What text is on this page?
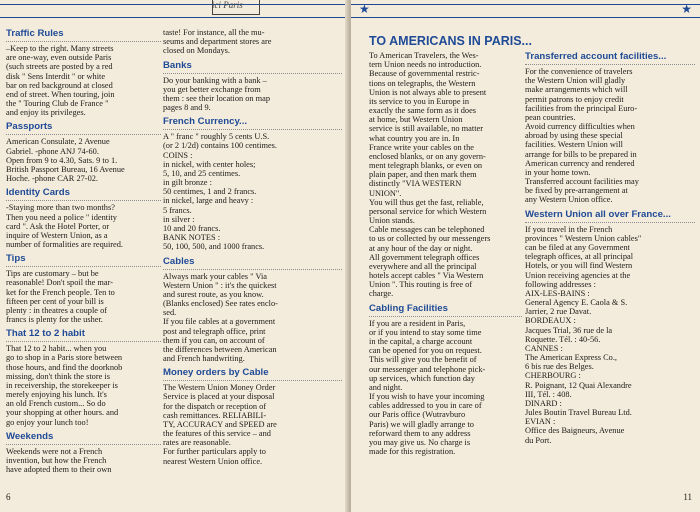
ici Paris
Traffic Rules
–Keep to the right. Many streets
are one-way, even outside Paris
(such streets are posted by a red
disk " Sens Interdit " or white
bar on red background at closed
end of street. When touring, join
the " Touring Club de France "
and enjoy its privileges.
Passports
American Consulate, 2 Avenue
Gabriel. -phone ANJ 74-60.
Open from 9 to 4.30, Sats. 9 to 1.
British Passport Bureau, 16 Avenue
Hoche. -phone CAR 27-02.
Identity Cards
-Staying more than two months?
Then you need a police " identity
card ". Ask the Hotel Porter, or
inquire of Western Union, as a
number of formalities are required.
Tips
Tips are customary – but be
reasonable! Don't spoil the mar-
ket for the French people. Ten to
fifteen per cent of your bill is
plenty : in theatres a couple of
francs is plenty for the usher.
That 12 to 2 habit
That 12 to 2 habit... when you
go to shop in a Paris store between
those hours, and find the doorknob
missing, don't think the store is
in receivership, the storekeeper is
merely enjoying his lunch. It's
an old French custom... So do
your shopping at other hours. and
go enjoy your lunch too!
Weekends
Weekends were not a French
invention, but how the French
have adopted them to their own
taste! For instance, all the mu-
seums and department stores are
closed on Mondays.
Banks
Do your banking with a bank –
you get better exchange from
them : see their location on map
pages 8 and 9.
French Currency...
A " franc " roughly 5 cents U.S.
(or 2 1/2d) contains 100 centimes.
COINS :
in nickel, with center holes;
5, 10, and 25 centimes.
in gilt bronze :
50 centimes, 1 and 2 francs.
in nickel, large and heavy :
5 francs.
in silver :
10 and 20 francs.
BANK NOTES :
50, 100, 500, and 1000 francs.
Cables
Always mark your cables " Via
Western Union " : it's the quickest
and surest route, as you know.
(Blanks enclosed) See rates enclo-
sed.
If you file cables at a government
post and telegraph office, print
them if you can, on account of
the differences between American
and French handwriting.
Money orders by Cable
The Western Union Money Order
Service is placed at your disposal
for the dispatch or reception of
cash remittances. RELIABILI-
TY, ACCURACY and SPEED are
the features of this service – and
rates are reasonable.
For further particulars apply to
nearest Western Union office.
6
★	★
TO AMERICANS IN PARIS...
To American Travelers, the Wes-
tern Union needs no introduction.
Because of governmental restric-
tions on telegraphs, the Western
Union is not always able to present
its service to you in Europe in
exactly the same form as it does
at home, but Western Union
service is still available, no matter
what country you are in. In
France write your cables on the
enclosed blanks, or on any govern-
ment telegraph blanks, or even on
plain paper, and then mark them
distinctly "VIA WESTERN
UNION".
You will thus get the fast, reliable,
personal service for which Western
Union stands.
Cable messages can be telephoned
to us or collected by our messengers
at any hour of the day or night.
All government telegraph offices
everywhere and all the principal
hotels accept cables " Via Western
Union ". This routing is free of
charge.
Cabling Facilities
If you are a resident in Paris,
or if you intend to stay some time
in the capital, a charge account
can be opened for you on request.
This will give you the benefit of
our messenger and telephone pick-
up services, which function day
and night.
If you wish to have your incoming
cables addressed to you in care of
our Paris office (Wutravburo
Paris) we will gladly arrange to
reforward them to any address
you may give us. No charge is
made for this registration.
Transferred account facilities...
For the convenience of travelers
the Western Union will gladly
make arrangements which will
permit patrons to enjoy credit
facilities from the principal Euro-
pean countries.
Avoid currency difficulties when
abroad by using these special
facilities. Western Union will
arrange for bills to be prepared in
American currency and rendered
in your home town.
Transferred account facilities may
be fixed by pre-arrangement at
any Western Union office.
Western Union all over France...
If you travel in the French
provinces " Western Union cables"
can be filed at any Government
telegraph offices, at all principal
Hotels, or you will find Western
Union receiving agencies at the
following addresses :
AIX-LES-BAINS :
General Agency E. Caola & S.
Jarrier, 2 rue Davat.
BORDEAUX :
Jacques Trial, 36 rue de la
Roquette. Tél. : 40-56.
CANNES :
The American Express Co.,
6 bis rue des Belges.
CHERBOURG :
R. Poignant, 12 Quai Alexandre
III, Tél. : 408.
DINARD :
Jules Boutin Travel Bureau Ltd.
EVIAN :
Office des Baigneurs, Avenue
du Port.
11
